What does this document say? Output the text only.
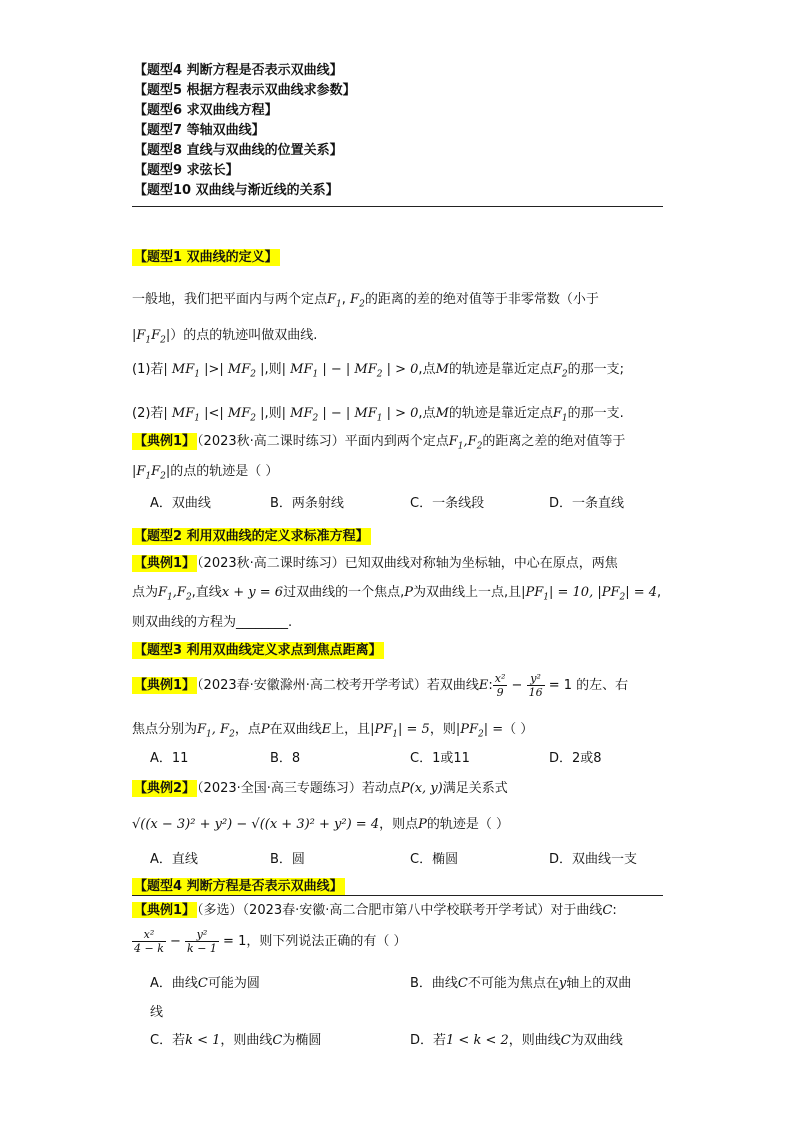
【题型4 判断方程是否表示双曲线】
【题型5 根据方程表示双曲线求参数】
【题型6 求双曲线方程】
【题型7 等轴双曲线】
【题型8 直线与双曲线的位置关系】
【题型9 求弦长】
【题型10 双曲线与渐近线的关系】
【题型1 双曲线的定义】
一般地，我们把平面内与两个定点$F_1$, $F_2$的距离的差的绝对值等于非零常数（小于
$|F_1F_2|$）的点的轨迹叫做双曲线.
(1)若| $MF_1$ |>| $MF_2$ |,则| $MF_1$ | − | $MF_2$ | > 0,点M的轨迹是靠近定点$F_2$的那一支;
(2)若| $MF_1$ |<| $MF_2$ |,则| $MF_2$ | − | $MF_1$ | > 0,点M的轨迹是靠近定点$F_1$的那一支.
【典例1】 （2023秋·高二课时练习）平面内到两个定点$F_1,F_2$的距离之差的绝对值等于
$|F_1F_2|$的点的轨迹是（ ）
A．双曲线	B．两条射线	C．一条线段	D．一条直线
【题型2 利用双曲线的定义求标准方程】
【典例1】 （2023秋·高二课时练习）已知双曲线对称轴为坐标轴，中心在原点，两焦
点为$F_1,F_2$,直线x + y = 6过双曲线的一个焦点,P为双曲线上一点,且$|PF_1| = 10$, $|PF_2| = 4$,
则双曲线的方程为________.
【题型3 利用双曲线定义求点到焦点距离】
【典例1】 （2023春·安徽滁州·高二校考开学考试）若双曲线E: $\frac{\text{x²}}{9} - \frac{\text{y²}}{16} = 1$ 的左、右
焦点分别为$F_1$, $F_2$，点P在双曲线E上，且$|PF_1| = 5$，则$|PF_2|$ =（ ）
A．11	B．8	C．1或11	D．2或8
【典例2】 （2023·全国·高三专题练习）若动点P(x, y)满足关系式
√((x − 3)² + y²) − √((x + 3)² + y²) = 4，则点P的轨迹是（ ）
A．直线	B．圆	C．椭圆	D．双曲线一支
【题型4 判断方程是否表示双曲线】
【典例1】 （多选）（2023春·安徽·高二合肥市第八中学校联考开学考试）对于曲线C:
$\frac{\text{x²}}{4 - k} - \frac{\text{y²}}{k - 1} = 1$，则下列说法正确的有（ ）
A．曲线C可能为圆	B．曲线C不可能为焦点在y轴上的双曲
线
C．若k < 1，则曲线C为椭圆	D．若1 < k < 2，则曲线C为双曲线
